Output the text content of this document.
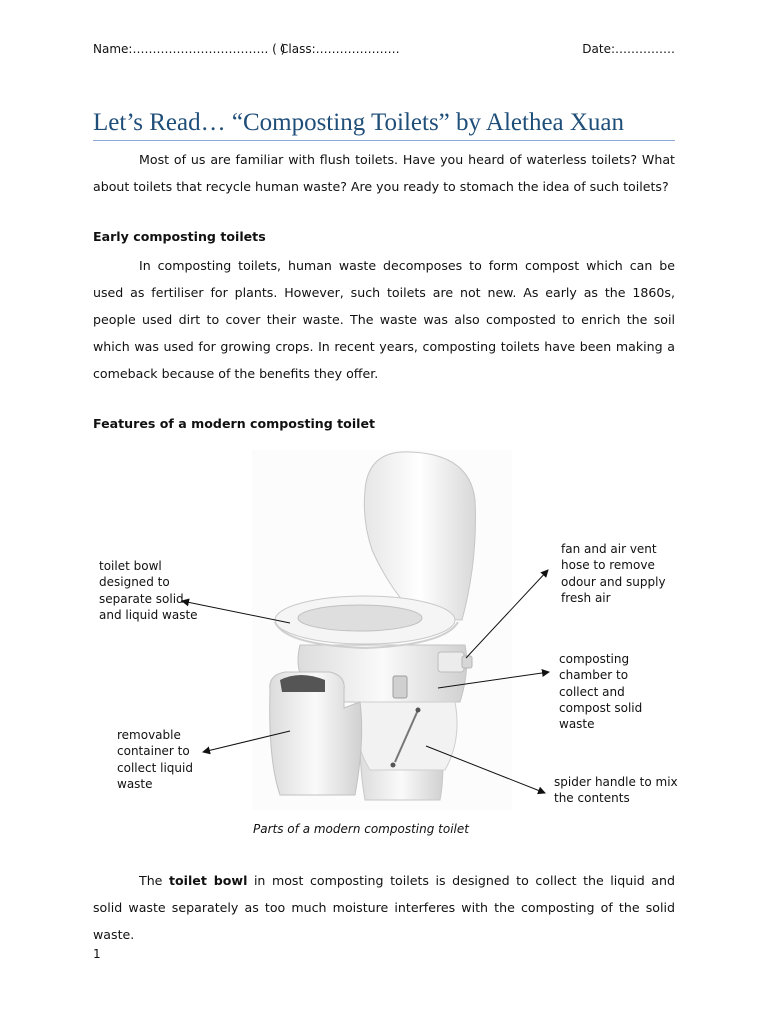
Name:……………………………. ( )
Class:…………………	Date:……………
Let’s Read… “Composting Toilets” by Alethea Xuan
Most of us are familiar with flush toilets. Have you heard of waterless toilets? What about toilets that recycle human waste? Are you ready to stomach the idea of such toilets?
Early composting toilets
In composting toilets, human waste decomposes to form compost which can be used as fertiliser for plants. However, such toilets are not new. As early as the 1860s, people used dirt to cover their waste. The waste was also composted to enrich the soil which was used for growing crops. In recent years, composting toilets have been making a comeback because of the benefits they offer.
Features of a modern composting toilet
toilet bowl designed to separate solid and liquid waste
fan and air vent hose to remove odour and supply fresh air
composting chamber to collect and compost solid waste
removable container to collect liquid waste	spider handle to mix the contents
Parts of a modern composting toilet
The toilet bowl in most composting toilets is designed to collect the liquid and solid waste separately as too much moisture interferes with the composting of the solid waste.
1
